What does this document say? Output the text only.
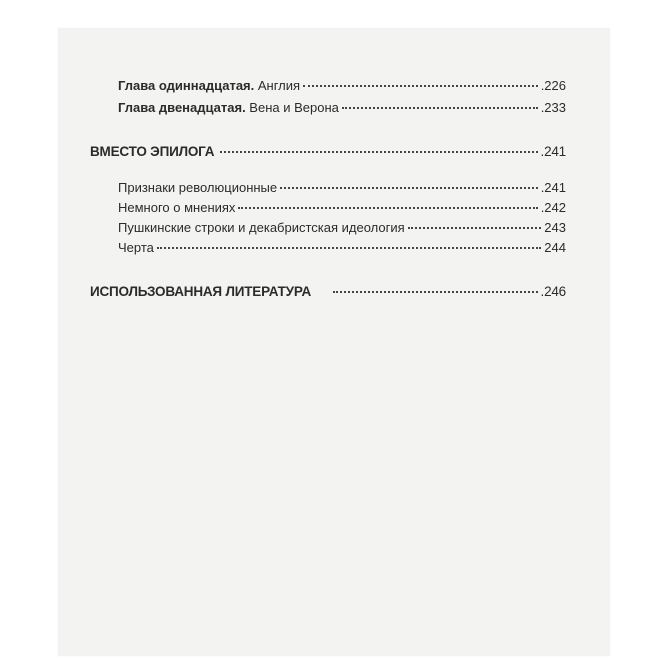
Глава одиннадцатая. Англия	.226
Глава двенадцатая. Вена и Верона	.233
ВМЕСТО ЭПИЛОГА	.241
Признаки революционные	.241
Немного о мнениях	.242
Пушкинские строки и декабристская идеология	243
Черта	244
ИСПОЛЬЗОВАННАЯ ЛИТЕРАТУРА	.246
